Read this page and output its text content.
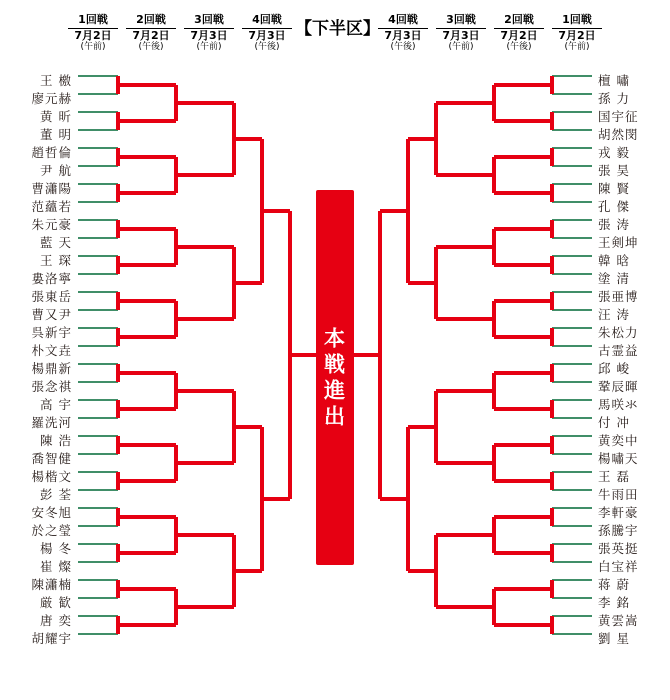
1回戦
7月2日
(午前)
2回戦
7月2日
(午後)
3回戦
7月3日
(午前)
4回戦
7月3日
(午後)
【下半区】 4回戦
7月3日
(午後)
3回戦
7月3日
(午前)
2回戦
7月2日
(午後)
1回戦
7月2日
(午前)
本戦進出
王 檄
廖元赫
黄 昕
董 明
趙哲倫
尹 航
曹瀟陽
范蘊若
朱元豪
藍 天
王 琛
婁洛寧
張東岳
曹又尹
呉新宇
朴文垚
楊鼎新
張念祺
高 宇
羅洗河
陳 浩
喬智健
楊楷文
彭 荃
安冬旭
於之瑩
楊 冬
崔 燦
陳瀟楠
厳 歓
唐 奕
胡耀宇
檀 嘯
孫 力
国宇征
胡然閔
戎 毅
張 昊
陳 賢
孔 傑
張 涛
王剣坤
韓 晗
塗 清
張亜博
汪 涛
朱松力
古霊益
邱 峻
鞏辰暉
馬咲氺
付 冲
黄奕中
楊嘯天
王 磊
牛雨田
李軒豪
孫騰宇
張英挺
白宝祥
蒋 蔚
李 銘
黄雲嵩
劉 星
